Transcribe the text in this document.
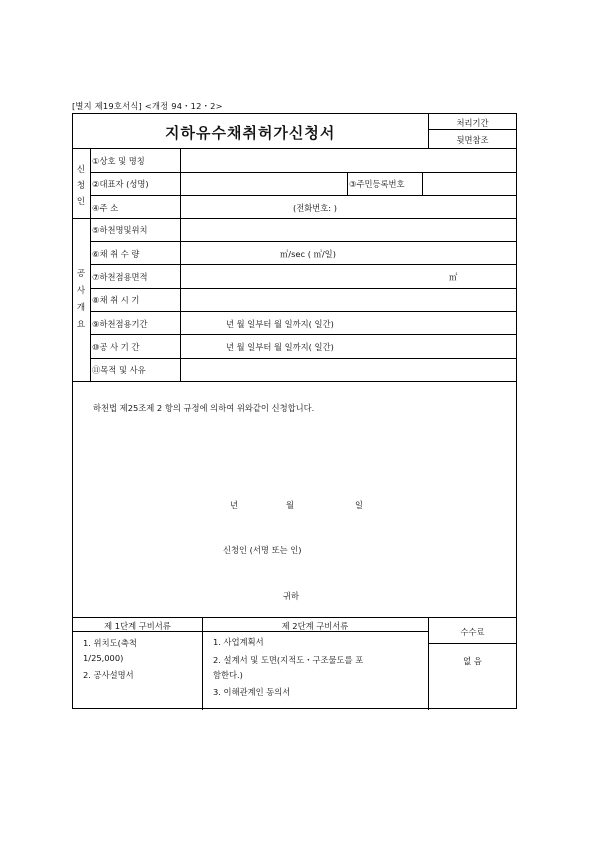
[별지 제19호서식] <개정 94・12・2>
지하유수채취허가신청서
처리기간
뒷면참조
신
청
인
①상호 및 명칭
②대표자 (성명)	③주민등록번호
④주 소	(전화번호: )
공
사
개
요
⑤하천명및위치
⑥채 취 수 량	㎥/sec ( ㎥/일)
⑦하천점용면적	㎡
⑧채 취 시 기
⑨하천점용기간	년 월 일부터 월 일까지( 일간)
⑩공 사 기 간	년 월 일부터 월 일까지( 일간)
⑪목적 및 사유
하천법 제25조제 2 항의 규정에 의하여 위와같이 신청합니다.
년	월	일
신청인 (서명 또는 인)
귀하
제 1단계 구비서류
1. 위치도(축척
1/25,000)
2. 공사설명서
제 2단계 구비서류
1. 사업계획서
2. 설계서 및 도면(지적도・구조물도를 포
함한다.)
3. 이해관계인 동의서
수수료
없 음
